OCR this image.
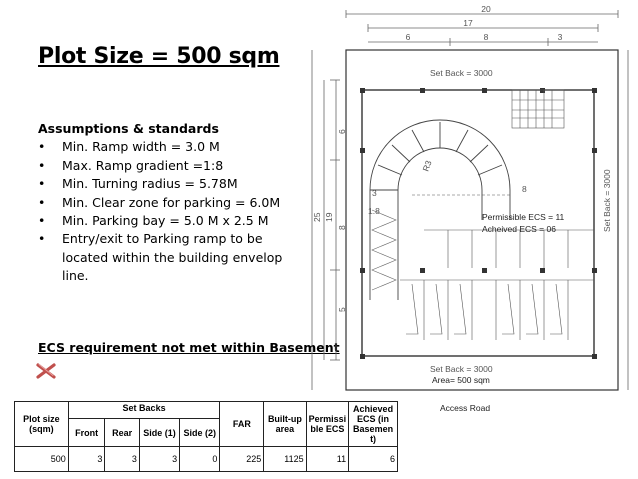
Plot Size = 500 sqm
Assumptions & standards
• Min. Ramp width = 3.0 M
• Max. Ramp gradient =1:8
• Min. Turning radius = 5.78M
• Min. Clear zone for parking = 6.0M
• Min. Parking bay = 5.0 M x 2.5 M
• Entry/exit to Parking ramp to be located within the building envelop line.
ECS requirement not met within Basement
Plot size (sqm)	Set Backs				FAR	Built-up area	Permissi ble ECS	Achieved ECS (in Basemen t)
	Front	Rear	Side (1)	Side (2)				
500	3	3	3	0	225	1125	11	6
20
17
6	8	3
25 19
6
8
5
Set Back = 3000
Set Back = 3000
Set Back = 3000
3
1.8
8
R3
Permissible ECS = 11
Acheived ECS = 06
Area= 500 sqm
Access Road
